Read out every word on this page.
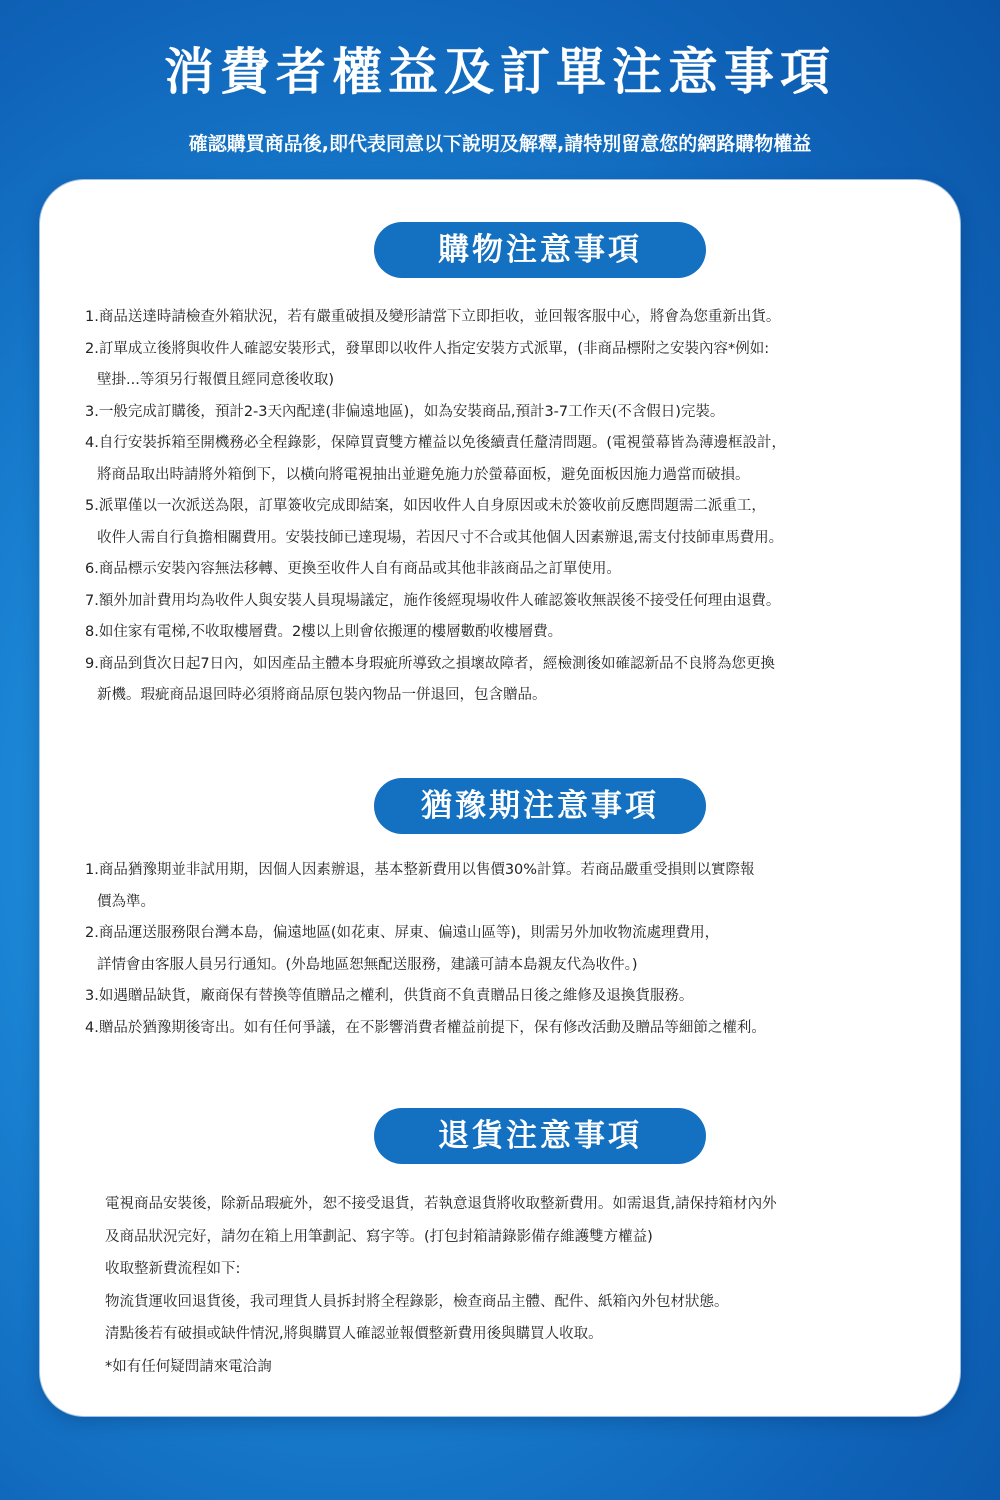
消費者權益及訂單注意事項

確認購買商品後,即代表同意以下說明及解釋,請特別留意您的網路購物權益

購物注意事項
1.商品送達時請檢查外箱狀況，若有嚴重破損及變形請當下立即拒收，並回報客服中心，將會為您重新出貨。
2.訂單成立後將與收件人確認安裝形式，發單即以收件人指定安裝方式派單，(非商品標附之安裝內容*例如:
壁掛...等須另行報價且經同意後收取)
3.一般完成訂購後，預計2-3天內配達(非偏遠地區)，如為安裝商品,預計3-7工作天(不含假日)完裝。
4.自行安裝拆箱至開機務必全程錄影，保障買賣雙方權益以免後續責任釐清問題。(電視螢幕皆為薄邊框設計，
將商品取出時請將外箱倒下，以橫向將電視抽出並避免施力於螢幕面板，避免面板因施力過當而破損。
5.派單僅以一次派送為限，訂單簽收完成即結案，如因收件人自身原因或未於簽收前反應問題需二派重工，
收件人需自行負擔相關費用。安裝技師已達現場，若因尺寸不合或其他個人因素辦退,需支付技師車馬費用。
6.商品標示安裝內容無法移轉、更換至收件人自有商品或其他非該商品之訂單使用。
7.額外加計費用均為收件人與安裝人員現場議定，施作後經現場收件人確認簽收無誤後不接受任何理由退費。
8.如住家有電梯,不收取樓層費。2樓以上則會依搬運的樓層數酌收樓層費。
9.商品到貨次日起7日內，如因產品主體本身瑕疵所導致之損壞故障者，經檢測後如確認新品不良將為您更換
新機。瑕疵商品退回時必須將商品原包裝內物品一併退回，包含贈品。
猶豫期注意事項
1.商品猶豫期並非試用期，因個人因素辦退，基本整新費用以售價30%計算。若商品嚴重受損則以實際報
價為準。
2.商品運送服務限台灣本島，偏遠地區(如花東、屏東、偏遠山區等)，則需另外加收物流處理費用，
詳情會由客服人員另行通知。(外島地區恕無配送服務，建議可請本島親友代為收件。)
3.如遇贈品缺貨，廠商保有替換等值贈品之權利，供貨商不負責贈品日後之維修及退換貨服務。
4.贈品於猶豫期後寄出。如有任何爭議，在不影響消費者權益前提下，保有修改活動及贈品等細節之權利。
退貨注意事項
電視商品安裝後，除新品瑕疵外，恕不接受退貨，若執意退貨將收取整新費用。如需退貨,請保持箱材內外
及商品狀況完好，請勿在箱上用筆劃記、寫字等。(打包封箱請錄影備存維護雙方權益)
收取整新費流程如下:
物流貨運收回退貨後，我司理貨人員拆封將全程錄影，檢查商品主體、配件、紙箱內外包材狀態。
清點後若有破損或缺件情況,將與購買人確認並報價整新費用後與購買人收取。
*如有任何疑問請來電洽詢
